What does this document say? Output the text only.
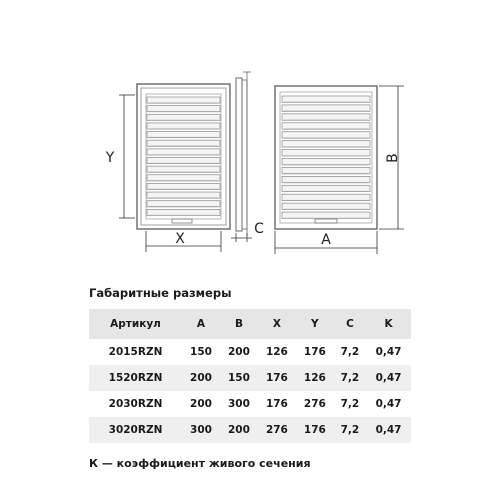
Y
X
C
A
B
Габаритные размеры
Артикул	A	B	X	Y	C	K
2015RZN	150	200	126	176	7,2	0,47
1520RZN	200	150	176	126	7,2	0,47
2030RZN	200	300	176	276	7,2	0,47
3020RZN	300	200	276	176	7,2	0,47
К — коэффициент живого сечения
